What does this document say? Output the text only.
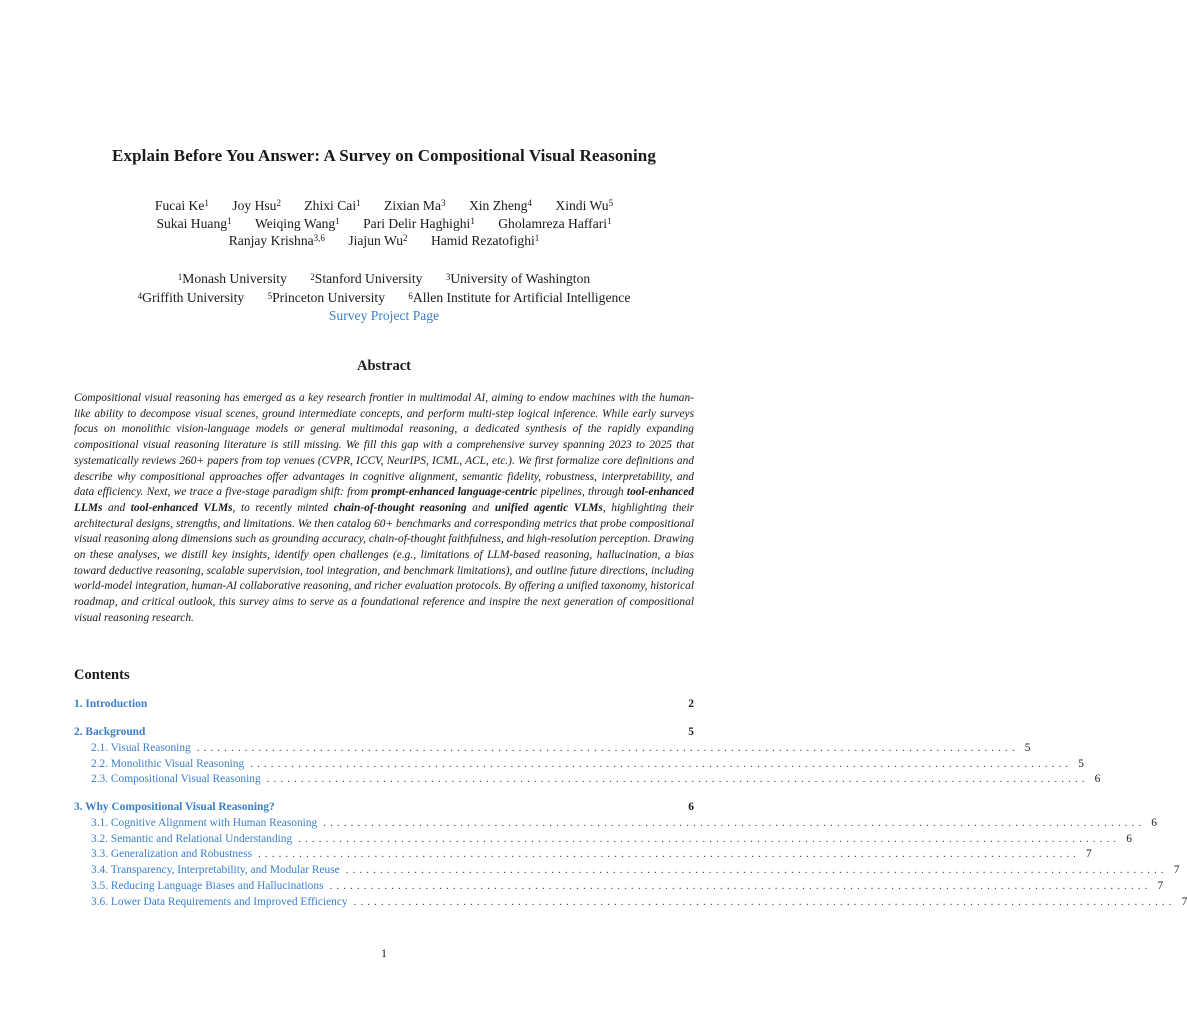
Explain Before You Answer: A Survey on Compositional Visual Reasoning
Fucai Ke$^1$ Joy Hsu$^2$ Zhixi Cai$^1$ Zixian Ma$^3$ Xin Zheng$^4$ Xindi Wu$^5$
Sukai Huang$^1$ Weiqing Wang$^1$ Pari Delir Haghighi$^1$ Gholamreza Haffari$^1$
Ranjay Krishna$^{3,6}$ Jiajun Wu$^2$ Hamid Rezatofighi$^1$
$^1$Monash University	$^2$Stanford University	$^3$University of Washington
$^4$Griffith University	$^5$Princeton University	$^6$Allen Institute for Artificial Intelligence
Survey Project Page
Abstract
Compositional visual reasoning has emerged as a key research frontier in multimodal AI, aiming to endow machines with the human-like ability to decompose visual scenes, ground intermediate concepts, and perform multi-step logical inference. While early surveys focus on monolithic vision-language models or general multimodal reasoning, a dedicated synthesis of the rapidly expanding compositional visual reasoning literature is still missing. We fill this gap with a comprehensive survey spanning 2023 to 2025 that systematically reviews 260+ papers from top venues (CVPR, ICCV, NeurIPS, ICML, ACL, etc.). We first formalize core definitions and describe why compositional approaches offer advantages in cognitive alignment, semantic fidelity, robustness, interpretability, and data efficiency. Next, we trace a five-stage paradigm shift: from prompt-enhanced language-centric pipelines, through tool-enhanced LLMs and tool-enhanced VLMs, to recently minted chain-of-thought reasoning and unified agentic VLMs, highlighting their architectural designs, strengths, and limitations. We then catalog 60+ benchmarks and corresponding metrics that probe compositional visual reasoning along dimensions such as grounding accuracy, chain-of-thought faithfulness, and high-resolution perception. Drawing on these analyses, we distill key insights, identify open challenges (e.g., limitations of LLM-based reasoning, hallucination, a bias toward deductive reasoning, scalable supervision, tool integration, and benchmark limitations), and outline future directions, including world-model integration, human-AI collaborative reasoning, and richer evaluation protocols. By offering a unified taxonomy, historical roadmap, and critical outlook, this survey aims to serve as a foundational reference and inspire the next generation of compositional visual reasoning research.
Contents
1. Introduction	2
2. Background	5
2.1. Visual Reasoning ........................................................................................................................ 5
2.2. Monolithic Visual Reasoning ........................................................................................................................ 5
2.3. Compositional Visual Reasoning ........................................................................................................................ 6
3. Why Compositional Visual Reasoning?	6
3.1. Cognitive Alignment with Human Reasoning ........................................................................................................................ 6
3.2. Semantic and Relational Understanding ........................................................................................................................ 6
3.3. Generalization and Robustness ........................................................................................................................ 7
3.4. Transparency, Interpretability, and Modular Reuse ........................................................................................................................ 7
3.5. Reducing Language Biases and Hallucinations ........................................................................................................................ 7
3.6. Lower Data Requirements and Improved Efficiency ........................................................................................................................ 7
1
